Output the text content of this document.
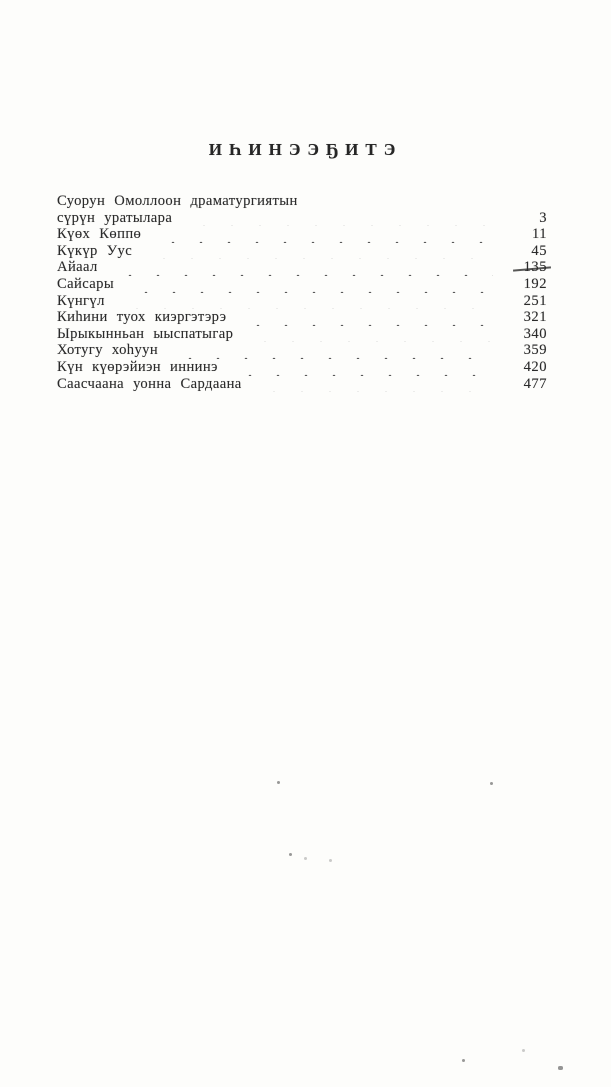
ИҺИНЭЭҔИТЭ
Суорун Омоллоон драматургиятын
сүрүн уратылара	3
Күөх Көппө	11
Күкүр Уус	45
Айаал	135
Сайсары	192
Күнгүл	251
Киһини туох киэргэтэрэ	321
Ырыкынньан ыыспатыгар	340
Хотугу хоһуун	359
Күн күөрэйиэн иннинэ	420
Саасчаана уонна Сардаана	477
